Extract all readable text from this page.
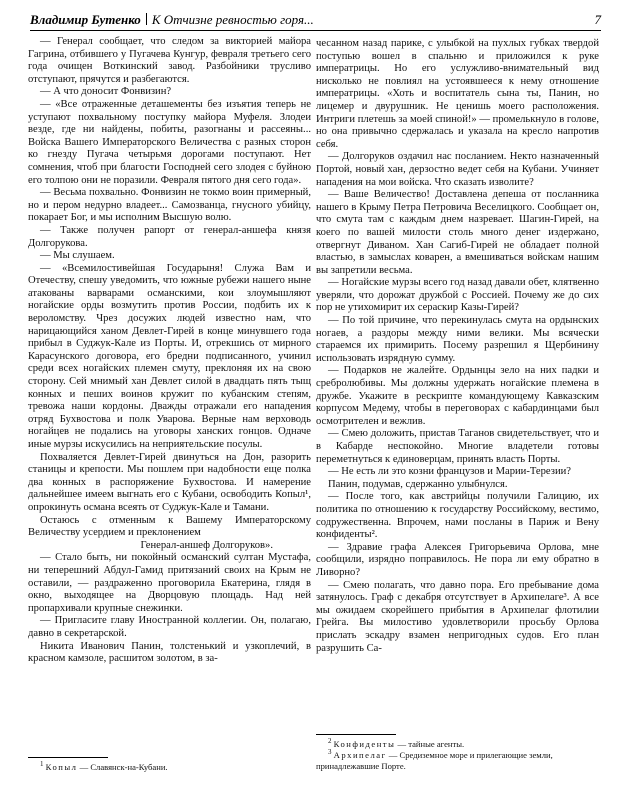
Владимир Бутенко К Отчизне ревностью горя...	7

— Генерал сообщает, что следом за викторией майора Гагрина, отбившего у Пугачева Кунгур, февраля третьего сего года очищен Воткинский завод. Разбойники трусливо отступают, прячутся и разбегаются.

— А что доносит Фонвизин?

— «Все отраженные деташементы без изъятия теперь не уступают похвальному поступку майора Муфеля. Злодеи везде, где ни найдены, побиты, разогнаны и рассеяны... Войска Вашего Императорского Величества с разных сторон ко гнезду Пугача четырьмя дорогами поступают. Нет сомнения, чтоб при благости Господней сего злодея с буйною его толпою они не поразили. Февраля пятого дня сего года».

— Весьма похвально. Фонвизин не токмо воин примерный, но и пером недурно владеет... Самозванца, гнусного убийцу, покарает Бог, и мы исполним Высшую волю.

— Также получен рапорт от генерал-аншефа князя Долгорукова.

— Мы слушаем.

— «Всемилостивейшая Государыня! Служа Вам и Отечеству, спешу уведомить, что южные рубежи нашего ныне атакованы варварами османскими, кои злоумышляют ногайские орды возмутить против России, подбить их к вероломству. Чрез досужих людей известно нам, что нарицающийся ханом Девлет-Гирей в конце минувшего года прибыл в Суджук-Кале из Порты. И, отрекшись от мирного Карасунского договора, его бредни подписанного, учинил среди всех ногайских племен смуту, преклоняя их на свою сторону. Сей мнимый хан Девлет силой в двадцать пять тыщ конных и пеших воинов кружит по кубанским степям, тревожа наши кордоны. Дважды отражали его нападения отряд Бухвостова и полк Уварова. Верные нам верховодь ногайцев не подались на уговоры ханских гонцов. Одначе иные мурзы искусились на неприятельские посулы.

Похваляется Девлет-Гирей двинуться на Дон, разорить станицы и крепости. Мы пошлем при надобности еще полка два конных в распоряжение Бухвостова. И намерение дальнейшее имеем выгнать его с Кубани, освободить Копыл¹, опрокинуть османа всеять от Суджук-Кале и Тамани.

Остаюсь с отменным к Вашему Императорскому Величеству усердием и преклонением

Генерал-аншеф Долгоруков».

— Стало быть, ни покойный османский султан Мустафа, ни теперешний Абдул-Гамид притязаний своих на Крым не оставили, — раздраженно проговорила Екатерина, глядя в окно, выходящее на Дворцовую площадь. Над ней пропархивали крупные снежинки.

— Пригласите главу Иностранной коллегии. Он, полагаю, давно в секретарской.

Никита Иванович Панин, толстенький и узкоплечий, в красном камзоле, расшитом золотом, в за-

чесанном назад парике, с улыбкой на пухлых губках твердой поступью вошел в спальню и приложился к руке императрицы. Но его услужливо-внимательный вид нисколько не повлиял на устоявшееся к нему отношение императрицы. «Хоть и воспитатель сына ты, Панин, но лицемер и двурушник. Не ценишь моего расположения. Интриги плетешь за моей спиной!» — промелькнуло в голове, но она привычно сдержалась и указала на кресло напротив себя.

— Долгоруков оздачил нас посланием. Некто назначенный Портой, новый хан, дерзостно ведет себя на Кубани. Учиняет нападения на мои войска. Что сказать изволите?

— Ваше Величество! Доставлена депеша от посланника нашего в Крыму Петра Петровича Веселицкого. Сообщает он, что смута там с каждым днем назревает. Шагин-Гирей, на коего по вашей милости столь много денег издержано, отвергнут Диваном. Хан Сагиб-Гирей не обладает полной властью, в замыслах коварен, а вмешиваться войскам нашим вы запретили весьма.

— Ногайские мурзы всего год назад давали обет, клятвенно уверяли, что дорожат дружбой с Россией. Почему же до сих пор не утихомирит их сераскир Казы-Гирей?

— По той причине, что перекинулась смута на ордынских ногаев, а раздоры между ними велики. Мы всячески стараемся их примирить. Посему разрешил я Щербинину использовать изрядную сумму.

— Подарков не жалейте. Ордынцы зело на них падки и сребролюбивы. Мы должны удержать ногайские племена в дружбе. Укажите в рескрипте командующему Кавказским корпусом Медему, чтобы в переговорах с кабардинцами был осмотрителен и вежлив.

— Смею доложить, пристав Таганов свидетельствует, что и в Кабарде неспокойно. Многие владетели готовы переметнуться к единоверцам, принять власть Порты.

— Не есть ли это козни французов и Марии-Терезии?

Панин, подумав, сдержанно улыбнулся.

— После того, как австрийцы получили Галицию, их политика по отношению к государству Российскому, вестимо, содружественна. Впрочем, нами посланы в Париж и Вену конфиденты².

— Здравие графа Алексея Григорьевича Орлова, мне сообщили, изрядно поправилось. Не пора ли ему обратно в Ливорно?

— Смею полагать, что давно пора. Его пребывание дома затянулось. Граф с декабря отсутствует в Архипелаге³. А все мы ожидаем скорейшего прибытия в Архипелаг флотилии Грейга. Вы милостиво удовлетворили просьбу Орлова прислать эскадру взамен непригодных судов. Его план разрушить Са-

$^1$ Копыл — Славянск-на-Кубани.

$^2$ Конфиденты — тайные агенты.

$^3$ Архипелаг — Средиземное море и прилегающие земли, принадлежавшие Порте.
